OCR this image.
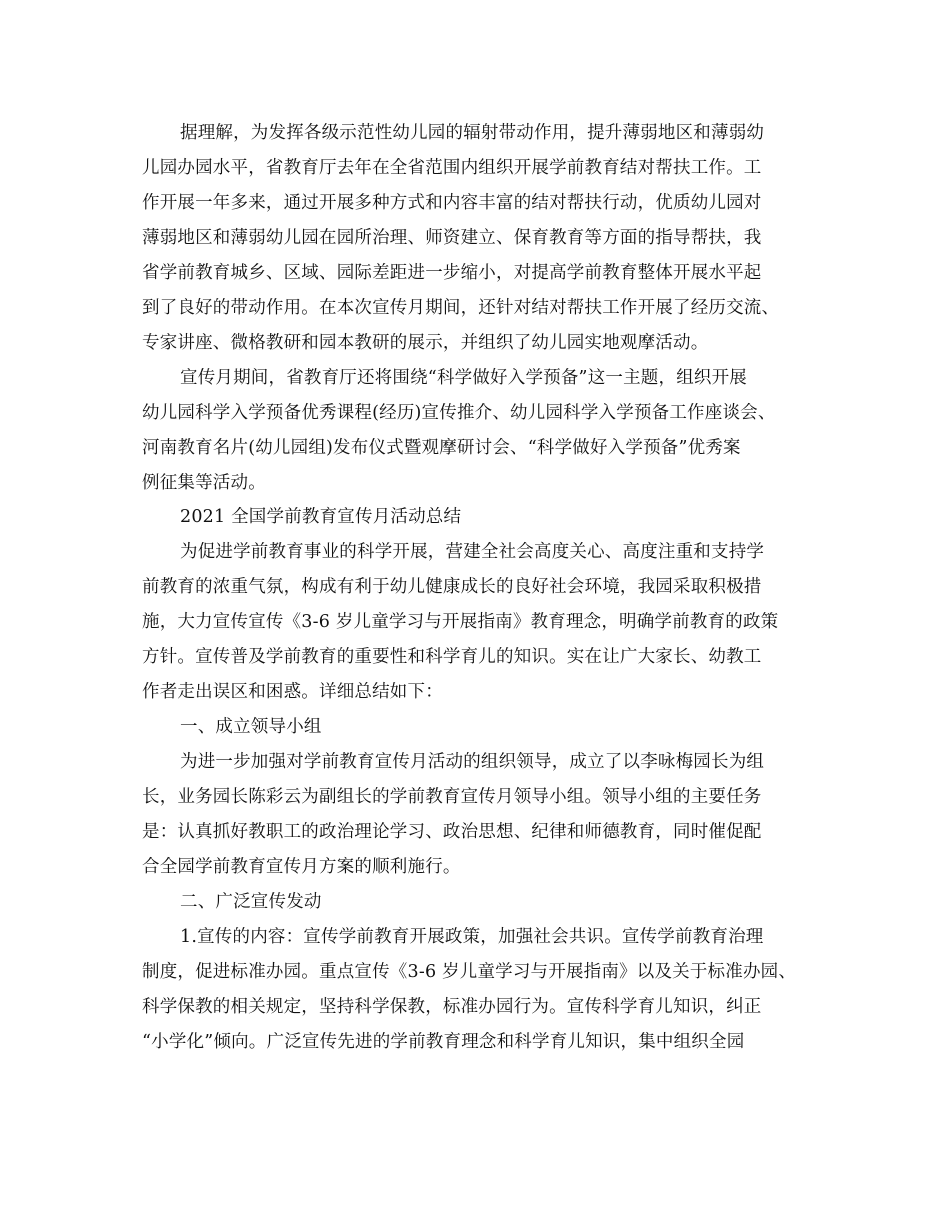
据理解，为发挥各级示范性幼儿园的辐射带动作用，提升薄弱地区和薄弱幼
儿园办园水平，省教育厅去年在全省范围内组织开展学前教育结对帮扶工作。工
作开展一年多来，通过开展多种方式和内容丰富的结对帮扶行动，优质幼儿园对
薄弱地区和薄弱幼儿园在园所治理、师资建立、保育教育等方面的指导帮扶，我
省学前教育城乡、区域、园际差距进一步缩小，对提高学前教育整体开展水平起
到了良好的带动作用。在本次宣传月期间，还针对结对帮扶工作开展了经历交流、
专家讲座、微格教研和园本教研的展示，并组织了幼儿园实地观摩活动。
宣传月期间，省教育厅还将围绕“科学做好入学预备”这一主题，组织开展
幼儿园科学入学预备优秀课程(经历)宣传推介、幼儿园科学入学预备工作座谈会、
河南教育名片(幼儿园组)发布仪式暨观摩研讨会、“科学做好入学预备”优秀案
例征集等活动。
2021 全国学前教育宣传月活动总结
为促进学前教育事业的科学开展，营建全社会高度关心、高度注重和支持学
前教育的浓重气氛，构成有利于幼儿健康成长的良好社会环境，我园采取积极措
施，大力宣传宣传《3-6 岁儿童学习与开展指南》教育理念，明确学前教育的政策
方针。宣传普及学前教育的重要性和科学育儿的知识。实在让广大家长、幼教工
作者走出误区和困惑。详细总结如下：
一、成立领导小组
为进一步加强对学前教育宣传月活动的组织领导，成立了以李咏梅园长为组
长，业务园长陈彩云为副组长的学前教育宣传月领导小组。领导小组的主要任务
是：认真抓好教职工的政治理论学习、政治思想、纪律和师德教育，同时催促配
合全园学前教育宣传月方案的顺利施行。
二、广泛宣传发动
1.宣传的内容：宣传学前教育开展政策，加强社会共识。宣传学前教育治理
制度，促进标准办园。重点宣传《3-6 岁儿童学习与开展指南》以及关于标准办园、
科学保教的相关规定，坚持科学保教，标准办园行为。宣传科学育儿知识，纠正
“小学化”倾向。广泛宣传先进的学前教育理念和科学育儿知识，集中组织全园
